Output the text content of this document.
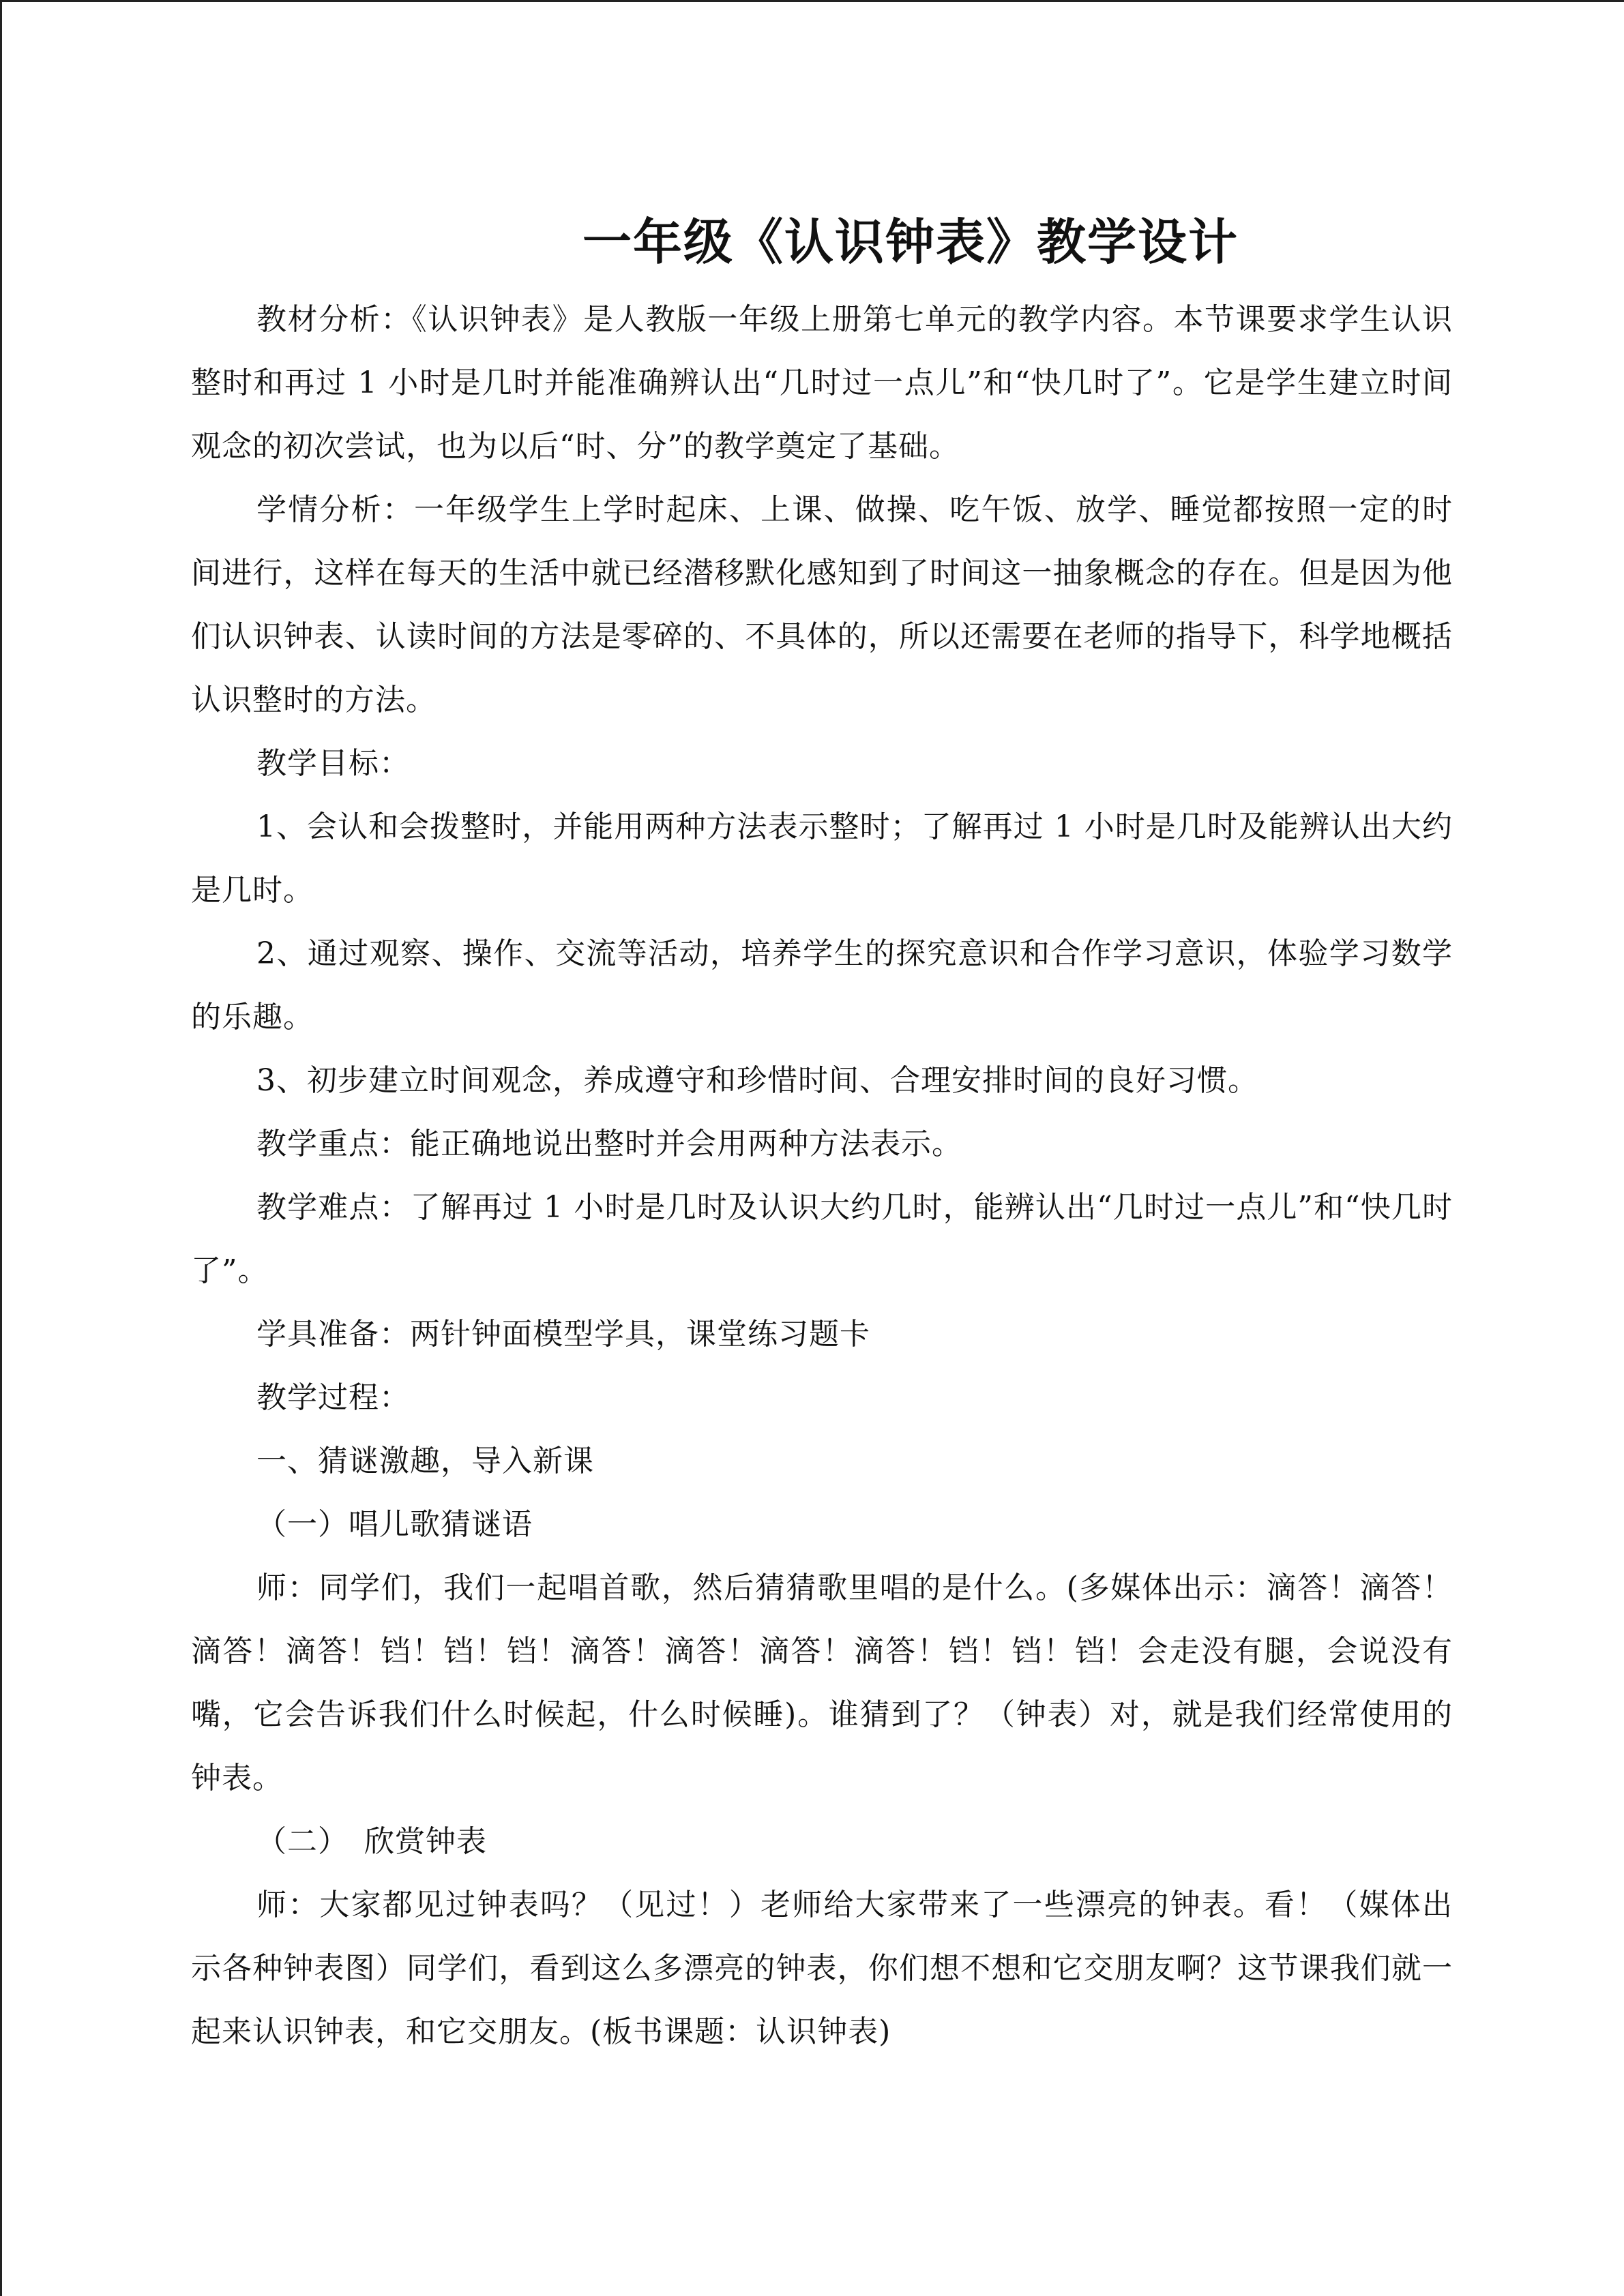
一年级《认识钟表》教学设计

教材分析：《认识钟表》是人教版一年级上册第七单元的教学内容。本节课要求学生认识整时和再过 1 小时是几时并能准确辨认出“几时过一点儿”和“快几时了”。它是学生建立时间观念的初次尝试，也为以后“时、分”的教学奠定了基础。

学情分析：一年级学生上学时起床、上课、做操、吃午饭、放学、睡觉都按照一定的时间进行，这样在每天的生活中就已经潜移默化感知到了时间这一抽象概念的存在。但是因为他们认识钟表、认读时间的方法是零碎的、不具体的，所以还需要在老师的指导下，科学地概括认识整时的方法。

教学目标：

1、会认和会拨整时，并能用两种方法表示整时；了解再过 1 小时是几时及能辨认出大约是几时。

2、通过观察、操作、交流等活动，培养学生的探究意识和合作学习意识，体验学习数学的乐趣。

3、初步建立时间观念，养成遵守和珍惜时间、合理安排时间的良好习惯。

教学重点：能正确地说出整时并会用两种方法表示。

教学难点：了解再过 1 小时是几时及认识大约几时，能辨认出“几时过一点儿”和“快几时了”。

学具准备：两针钟面模型学具，课堂练习题卡

教学过程：

一、猜谜激趣，导入新课

（一）唱儿歌猜谜语

师：同学们，我们一起唱首歌，然后猜猜歌里唱的是什么。(多媒体出示：滴答！滴答！滴答！滴答！铛！铛！铛！滴答！滴答！滴答！滴答！铛！铛！铛！会走没有腿，会说没有嘴，它会告诉我们什么时候起，什么时候睡)。谁猜到了？（钟表）对，就是我们经常使用的钟表。

（二）　欣赏钟表

师：大家都见过钟表吗？（见过！）老师给大家带来了一些漂亮的钟表。看！（媒体出示各种钟表图）同学们，看到这么多漂亮的钟表，你们想不想和它交朋友啊？这节课我们就一起来认识钟表，和它交朋友。(板书课题：认识钟表)
